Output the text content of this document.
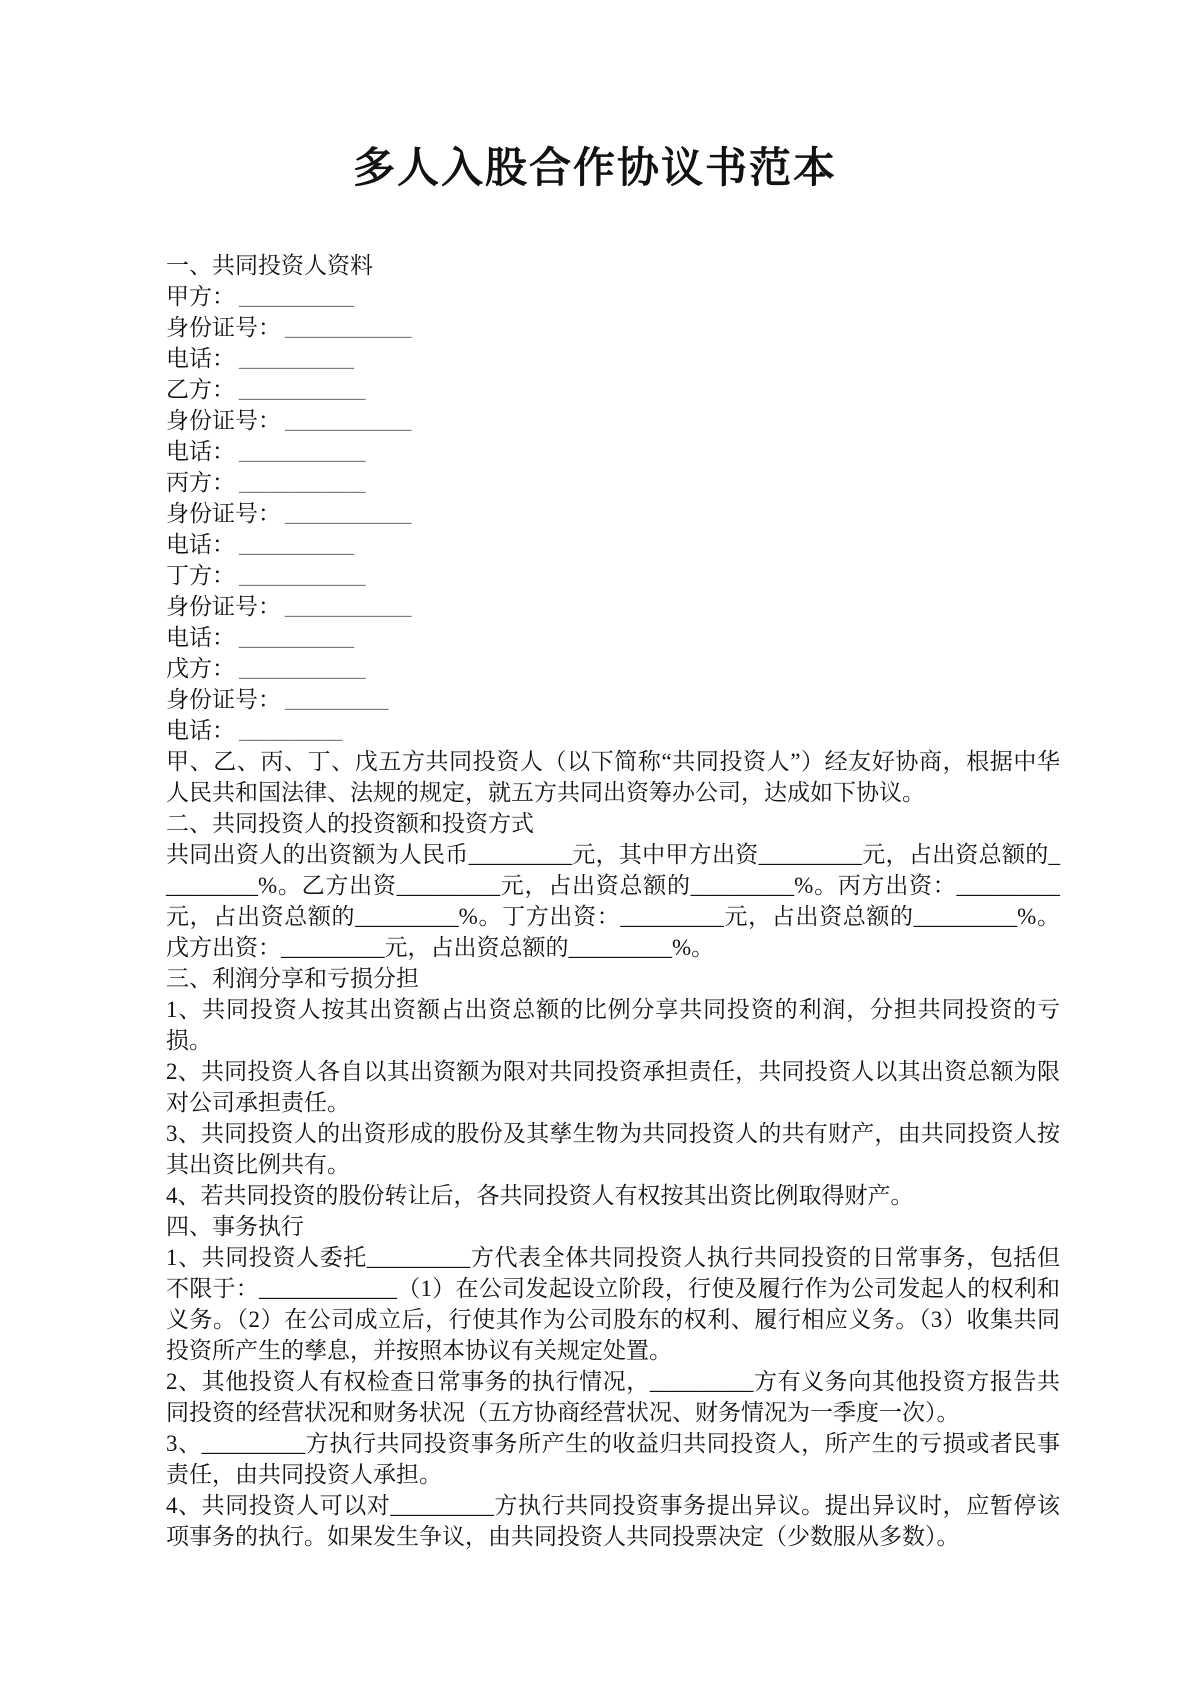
多人入股合作协议书范本
一、共同投资人资料
甲方： __________
身份证号： ___________
电话： __________
乙方： ___________
身份证号： ___________
电话： ___________
丙方： ___________
身份证号： ___________
电话： __________
丁方： ___________
身份证号： ___________
电话： __________
戊方： ___________
身份证号： _________
电话： _________

甲、乙、丙、丁、戊五方共同投资人（以下简称“共同投资人”）经友好协商，根据中华人民共和国法律、法规的规定，就五方共同出资筹办公司，达成如下协议。

二、共同投资人的投资额和投资方式

共同出资人的出资额为人民币_________元，其中甲方出资_________元，占出资总额的_________%。乙方出资_________元，占出资总额的_________%。丙方出资：_________元，占出资总额的_________%。丁方出资：_________元，占出资总额的_________%。戊方出资：_________元，占出资总额的_________%。

三、利润分享和亏损分担

1、共同投资人按其出资额占出资总额的比例分享共同投资的利润，分担共同投资的亏损。

2、共同投资人各自以其出资额为限对共同投资承担责任，共同投资人以其出资总额为限对公司承担责任。

3、共同投资人的出资形成的股份及其孳生物为共同投资人的共有财产，由共同投资人按其出资比例共有。

4、若共同投资的股份转让后，各共同投资人有权按其出资比例取得财产。

四、事务执行

1、共同投资人委托_________方代表全体共同投资人执行共同投资的日常事务，包括但不限于：____________（1）在公司发起设立阶段，行使及履行作为公司发起人的权利和义务。（2）在公司成立后，行使其作为公司股东的权利、履行相应义务。（3）收集共同投资所产生的孳息，并按照本协议有关规定处置。

2、其他投资人有权检查日常事务的执行情况，_________方有义务向其他投资方报告共同投资的经营状况和财务状况（五方协商经营状况、财务情况为一季度一次）。

3、_________方执行共同投资事务所产生的收益归共同投资人，所产生的亏损或者民事责任，由共同投资人承担。

4、共同投资人可以对_________方执行共同投资事务提出异议。提出异议时，应暂停该项事务的执行。如果发生争议，由共同投资人共同投票决定（少数服从多数）。
